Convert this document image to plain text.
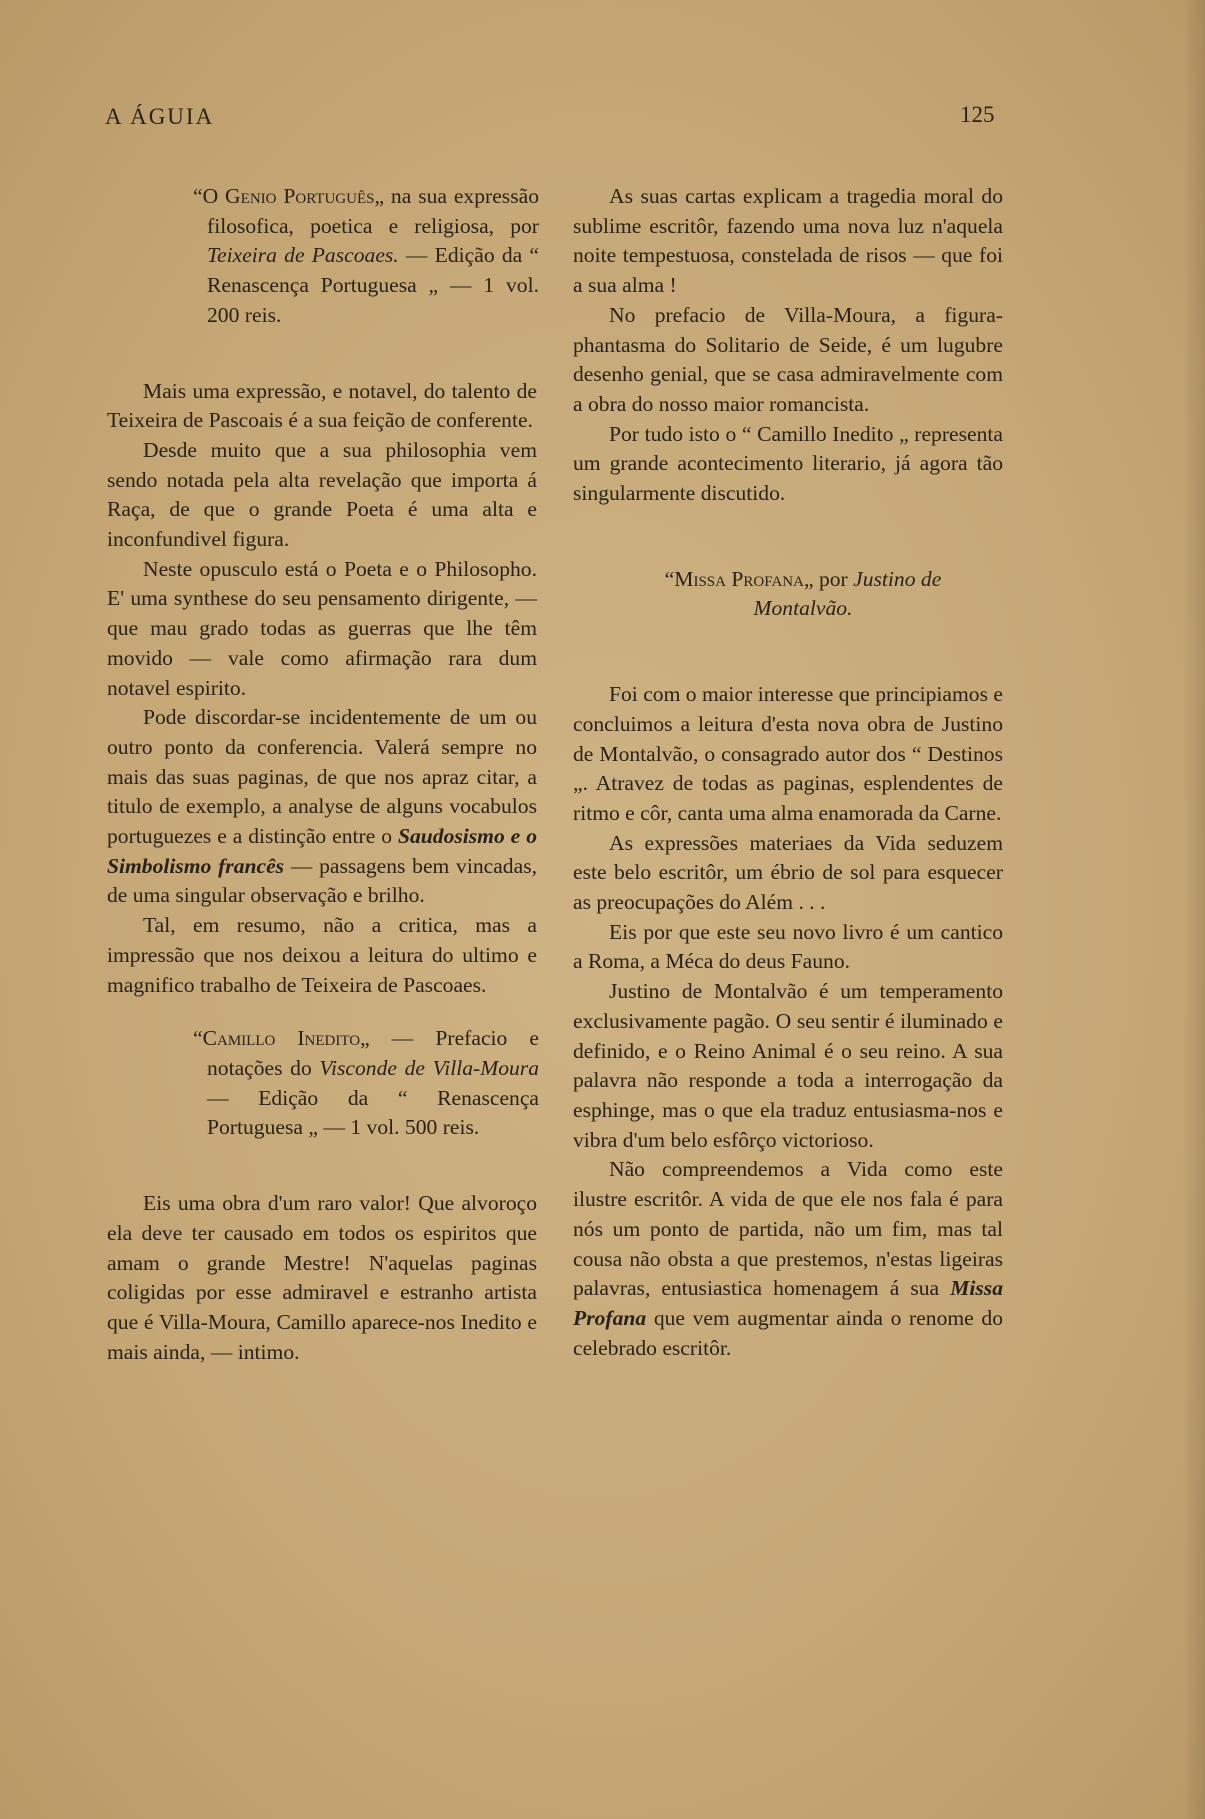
A ÁGUIA	125

“O Genio Português„ na sua expressão filosofica, poetica e religiosa, por Teixeira de Pascoaes. — Edição da “ Renascença Portuguesa „ — 1 vol. 200 reis.

Mais uma expressão, e notavel, do talento de Teixeira de Pascoais é a sua feição de conferente.

Desde muito que a sua philosophia vem sendo notada pela alta revelação que importa á Raça, de que o grande Poeta é uma alta e inconfundivel figura.

Neste opusculo está o Poeta e o Philosopho. E' uma synthese do seu pensamento dirigente, — que mau grado todas as guerras que lhe têm movido — vale como afirmação rara dum notavel espirito.

Pode discordar-se incidentemente de um ou outro ponto da conferencia. Valerá sempre no mais das suas paginas, de que nos apraz citar, a titulo de exemplo, a analyse de alguns vocabulos portuguezes e a distinção entre o Saudosismo e o Simbolismo francês — passagens bem vincadas, de uma singular observação e brilho.

Tal, em resumo, não a critica, mas a impressão que nos deixou a leitura do ultimo e magnifico trabalho de Teixeira de Pascoaes.

“Camillo Inedito„ — Prefacio e notações do Visconde de Villa-Moura — Edição da “ Renascença Portuguesa „ — 1 vol. 500 reis.

Eis uma obra d'um raro valor! Que alvoroço ela deve ter causado em todos os espiritos que amam o grande Mestre! N'aquelas paginas coligidas por esse admiravel e estranho artista que é Villa-Moura, Camillo aparece-nos Inedito e mais ainda, — intimo.

As suas cartas explicam a tragedia moral do sublime escritôr, fazendo uma nova luz n'aquela noite tempestuosa, constelada de risos — que foi a sua alma !

No prefacio de Villa-Moura, a figura-phantasma do Solitario de Seide, é um lugubre desenho genial, que se casa admiravelmente com a obra do nosso maior romancista.

Por tudo isto o “ Camillo Inedito „ representa um grande acontecimento literario, já agora tão singularmente discutido.

“Missa Profana„ por Justino de Montalvão.

Foi com o maior interesse que principiamos e concluimos a leitura d'esta nova obra de Justino de Montalvão, o consagrado autor dos “ Destinos „. Atravez de todas as paginas, esplendentes de ritmo e côr, canta uma alma enamorada da Carne.

As expressões materiaes da Vida seduzem este belo escritôr, um ébrio de sol para esquecer as preocupações do Além . . .

Eis por que este seu novo livro é um cantico a Roma, a Méca do deus Fauno.

Justino de Montalvão é um temperamento exclusivamente pagão. O seu sentir é iluminado e definido, e o Reino Animal é o seu reino. A sua palavra não responde a toda a interrogação da esphinge, mas o que ela traduz entusiasma-nos e vibra d'um belo esfôrço victorioso.

Não compreendemos a Vida como este ilustre escritôr. A vida de que ele nos fala é para nós um ponto de partida, não um fim, mas tal cousa não obsta a que prestemos, n'estas ligeiras palavras, entusiastica homenagem á sua Missa Profana que vem augmentar ainda o renome do celebrado escritôr.
